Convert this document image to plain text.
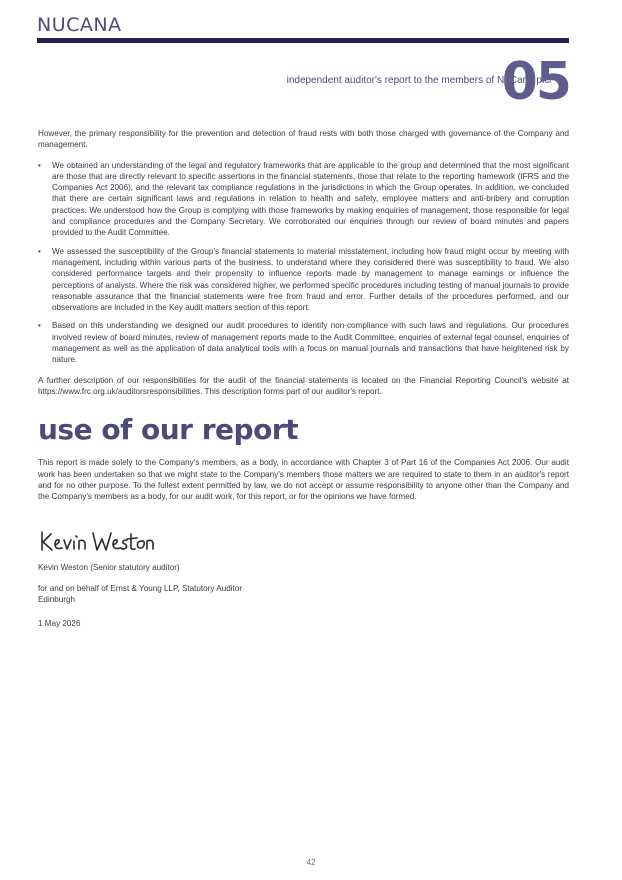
NUCANA
independent auditor's report to the members of NuCana plc/
05

However, the primary responsibility for the prevention and detection of fraud rests with both those charged with governance of the Company and management.

• We obtained an understanding of the legal and regulatory frameworks that are applicable to the group and determined that the most significant are those that are directly relevant to specific assertions in the financial statements, those that relate to the reporting framework (IFRS and the Companies Act 2006), and the relevant tax compliance regulations in the jurisdictions in which the Group operates. In addition, we concluded that there are certain significant laws and regulations in relation to health and safety, employee matters and anti-bribery and corruption practices. We understood how the Group is complying with those frameworks by making enquiries of management, those responsible for legal and compliance procedures and the Company Secretary. We corroborated our enquiries through our review of board minutes and papers provided to the Audit Committee.
• We assessed the susceptibility of the Group's financial statements to material misstatement, including how fraud might occur by meeting with management, including within various parts of the business, to understand where they considered there was susceptibility to fraud. We also considered performance targets and their propensity to influence reports made by management to manage earnings or influence the perceptions of analysts. Where the risk was considered higher, we performed specific procedures including testing of manual journals to provide reasonable assurance that the financial statements were free from fraud and error. Further details of the procedures performed, and our observations are included in the Key audit matters section of this report.
• Based on this understanding we designed our audit procedures to identify non-compliance with such laws and regulations. Our procedures involved review of board minutes, review of management reports made to the Audit Committee, enquiries of external legal counsel, enquiries of management as well as the application of data analytical tools with a focus on manual journals and transactions that have heightened risk by nature.

A further description of our responsibilities for the audit of the financial statements is located on the Financial Reporting Council's website at https://www.frc.org.uk/auditorsresponsibilities. This description forms part of our auditor's report.

use of our report

This report is made solely to the Company's members, as a body, in accordance with Chapter 3 of Part 16 of the Companies Act 2006. Our audit work has been undertaken so that we might state to the Company's members those matters we are required to state to them in an auditor's report and for no other purpose. To the fullest extent permitted by law, we do not accept or assume responsibility to anyone other than the Company and the Company's members as a body, for our audit work, for this report, or for the opinions we have formed.

Kevin Weston (Senior statutory auditor)

for and on behalf of Ernst & Young LLP, Statutory Auditor

Edinburgh

1 May 2026

42
